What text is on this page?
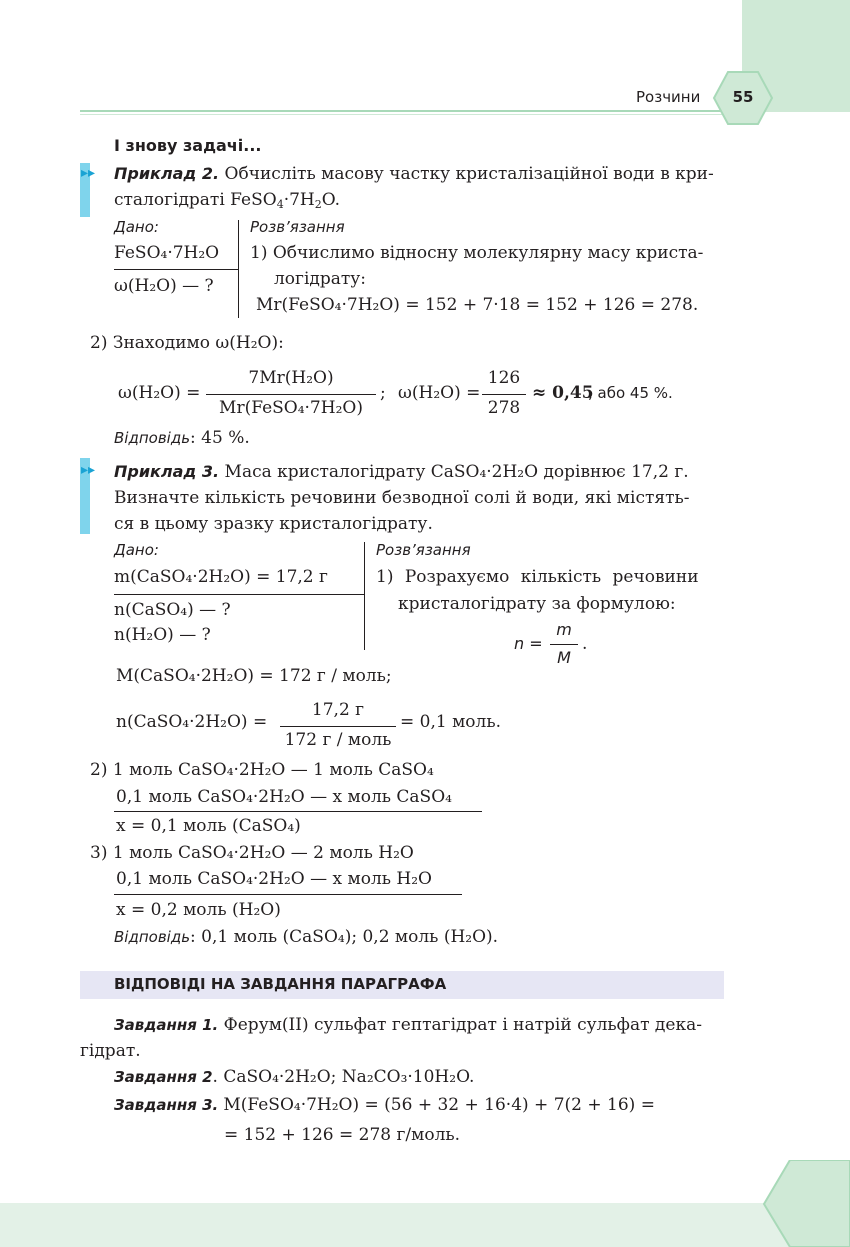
Розчини	55
І знову задачі...
▸▸ Приклад 2. Обчисліть масову частку кристалізаційної води в кри-
сталогідраті $FeSO_4\cdot 7H_2O$.
Дано:
FeSO₄·7H₂O
ω(H₂O) — ?
Розв’язання
1) Обчислимо відносну молекулярну масу криста-
логідрату:
Mr(FeSO₄·7H₂O) = 152 + 7·18 = 152 + 126 = 278.
2) Знаходимо ω(H₂O):
ω(H₂O) =
7Mr(H₂O)
Mr(FeSO₄·7H₂O)
; ω(H₂O) =
126
278
≈ 0,45
, або 45 %.
Відповідь: 45 %.
▸▸ Приклад 3. Маса кристалогідрату CaSO₄·2H₂O дорівнює 17,2 г.
Визначте кількість речовини безводної солі й води, які містять-
ся в цьому зразку кристалогідрату.
Дано:
m(CaSO₄·2H₂O) = 17,2 г
n(CaSO₄) — ?
n(H₂O) — ?
Розв’язання
1) Розрахуємо кількість речовини
кристалогідрату за формулою:
n =
m
M
.
M(CaSO₄·2H₂O) = 172 г / моль;
n(CaSO₄·2H₂O) =
17,2 г
172 г / моль
= 0,1 моль.
2) 1 моль CaSO₄·2H₂O — 1 моль CaSO₄
0,1 моль CaSO₄·2H₂O — x моль CaSO₄
x = 0,1 моль (CaSO₄)
3) 1 моль CaSO₄·2H₂O — 2 моль H₂O
0,1 моль CaSO₄·2H₂O — x моль H₂O
x = 0,2 моль (H₂O)
Відповідь: 0,1 моль (CaSO₄); 0,2 моль (H₂O).
ВІДПОВІДІ НА ЗАВДАННЯ ПАРАГРАФА
Завдання 1. Ферум(II) сульфат гептагідрат і натрій сульфат дека-
гідрат.
Завдання 2. CaSO₄·2H₂O; Na₂CO₃·10H₂O.
Завдання 3. M(FeSO₄·7H₂O) = (56 + 32 + 16·4) + 7(2 + 16) =
= 152 + 126 = 278 г/моль.
